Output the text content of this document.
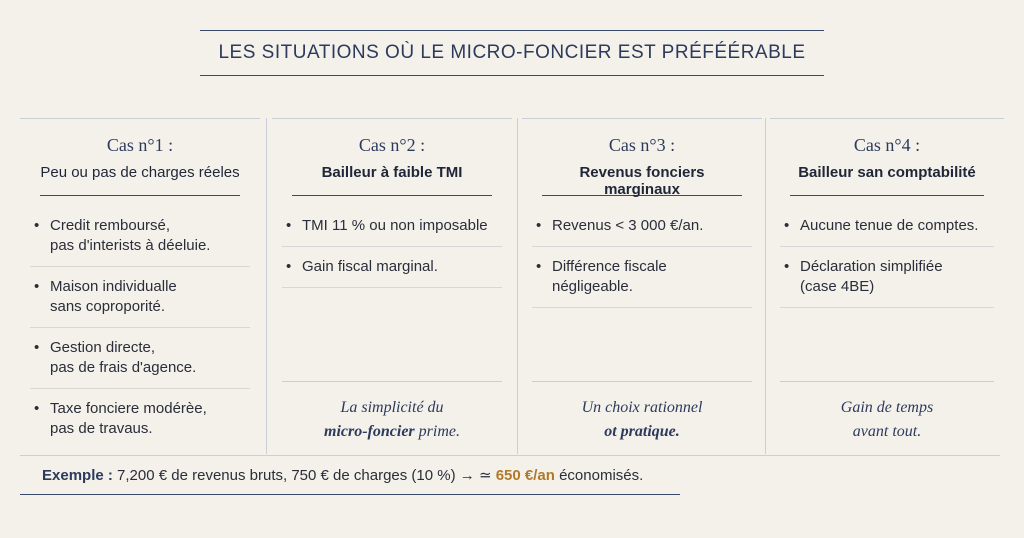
LES SITUATIONS OÙ LE MICRO-FONCIER EST PRÉFÉÉRABLE
Cas n°1 :
Peu ou pas de charges réeles
• Credit remboursé,
pas d'interists à déeluie.
• Maison individualle
sans coproporité.
• Gestion directe,
pas de frais d'agence.
• Taxe fonciere modérèe,
pas de travaus.
Cas n°2 :
Bailleur à faible TMI
• TMI 11 % ou non imposable
• Gain fiscal marginal.
La simplicité du
micro-foncier prime.
Cas n°3 :
Revenus fonciers marginaux
• Revenus < 3 000 €/an.
• Différence fiscale négligeable.
Un choix rationnel
ot pratique.
Cas n°4 :
Bailleur san comptabilité
• Aucune tenue de comptes.
• Déclaration simplifiée
(case 4BE)
Gain de temps
avant tout.
Exemple : 7,200 € de revenus bruts, 750 € de charges (10 %) → ≃ 650 €/an économisés.
